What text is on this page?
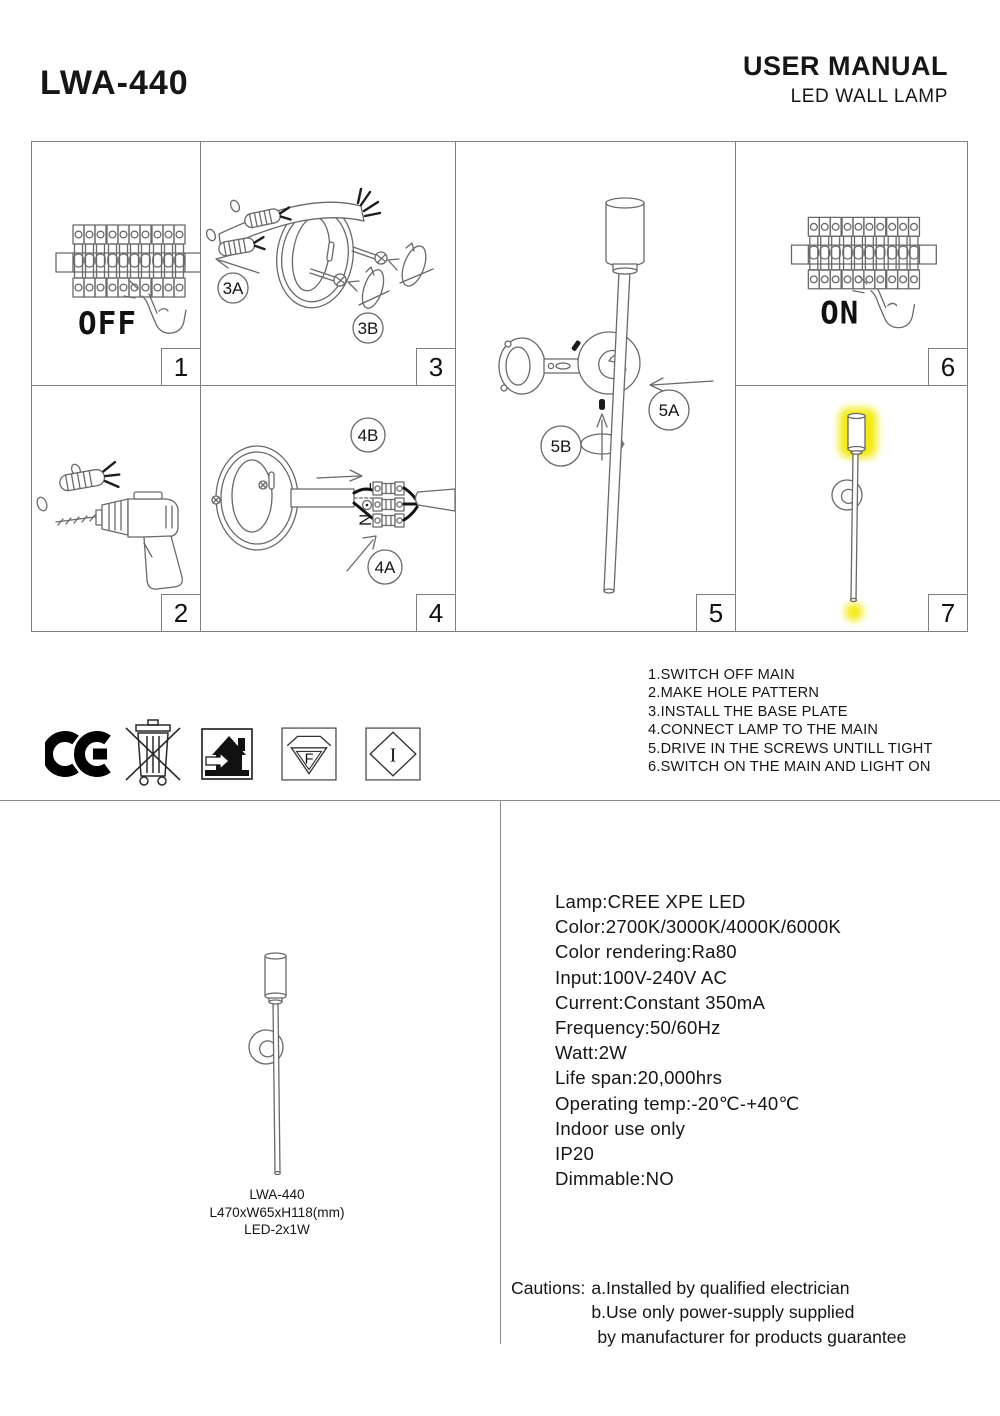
LWA-440	USER MANUAL
LED WALL LAMP
OFF
1
3A
3B
3
5A
5B
5
ON
6
2
L
N
4B
4A
4	7
1.SWITCH OFF MAIN
2.MAKE HOLE PATTERN
3.INSTALL THE BASE PLATE
4.CONNECT LAMP TO THE MAIN
5.DRIVE IN THE SCREWS UNTILL TIGHT
6.SWITCH ON THE MAIN AND LIGHT ON
F	I
LWA-440
L470xW65xH118(mm)
LED-2x1W
Lamp:CREE XPE LED
Color:2700K/3000K/4000K/6000K
Color rendering:Ra80
Input:100V-240V AC
Current:Constant 350mA
Frequency:50/60Hz
Watt:2W
Life span:20,000hrs
Operating temp:-20℃-+40℃
Indoor use only
IP20
Dimmable:NO
Cautions: a.Installed by qualified electrician
b.Use only power-supply supplied
by manufacturer for products guarantee
